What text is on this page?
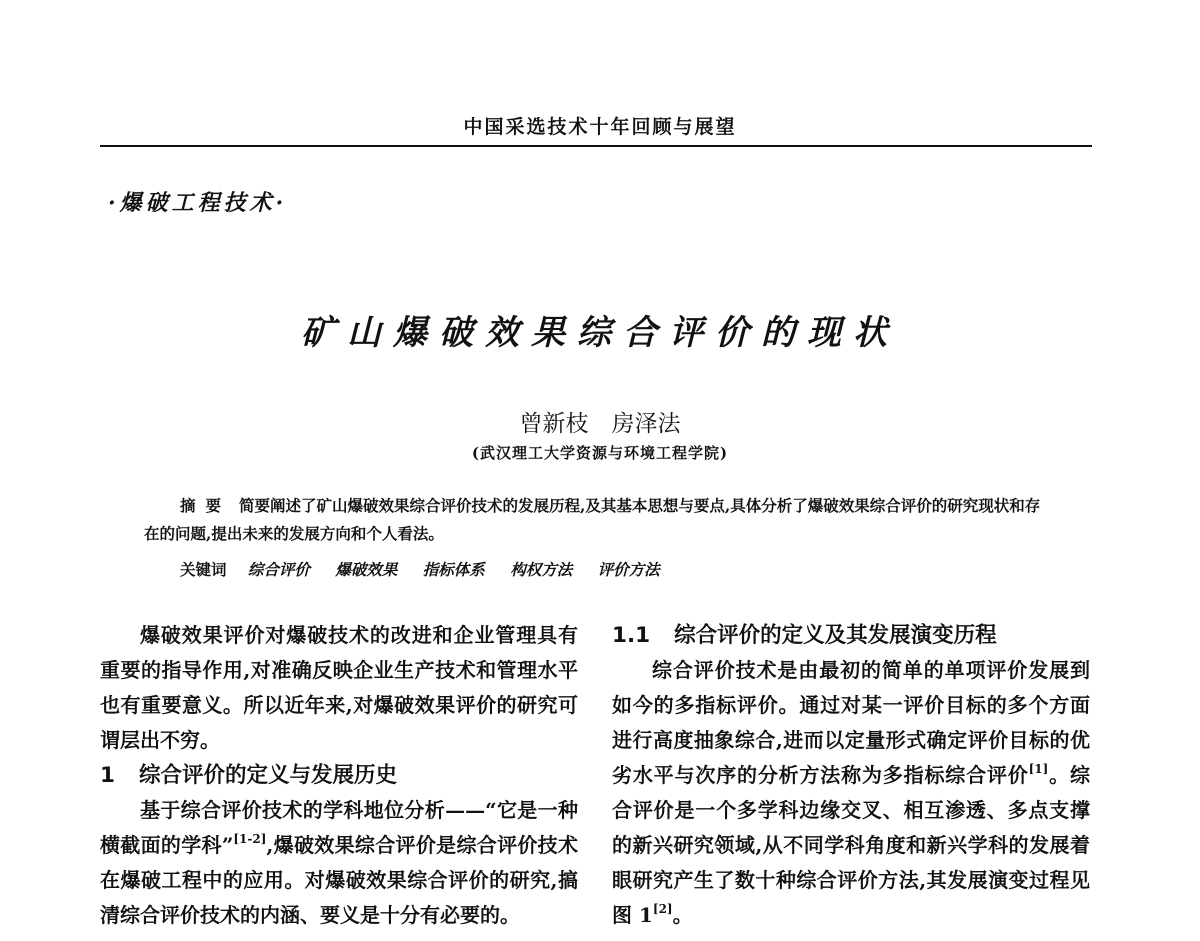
中国采选技术十年回顾与展望
·爆破工程技术·
矿山爆破效果综合评价的现状
曾新枝　房泽法
(武汉理工大学资源与环境工程学院)

摘要 简要阐述了矿山爆破效果综合评价技术的发展历程,及其基本思想与要点,具体分析了爆破效果综合评价的研究现状和存在的问题,提出未来的发展方向和个人看法。

关键词 综合评价 爆破效果 指标体系 构权方法 评价方法

爆破效果评价对爆破技术的改进和企业管理具有重要的指导作用,对准确反映企业生产技术和管理水平也有重要意义。所以近年来,对爆破效果评价的研究可谓层出不穷。

1 综合评价的定义与发展历史

基于综合评价技术的学科地位分析——“它是一种横截面的学科”[1-2],爆破效果综合评价是综合评价技术在爆破工程中的应用。对爆破效果综合评价的研究,搞清综合评价技术的内涵、要义是十分有必要的。

1.1 综合评价的定义及其发展演变历程

综合评价技术是由最初的简单的单项评价发展到如今的多指标评价。通过对某一评价目标的多个方面进行高度抽象综合,进而以定量形式确定评价目标的优劣水平与次序的分析方法称为多指标综合评价[1]。综合评价是一个多学科边缘交叉、相互渗透、多点支撑的新兴研究领域,从不同学科角度和新兴学科的发展着眼研究产生了数十种综合评价方法,其发展演变过程见图 1[2]。
